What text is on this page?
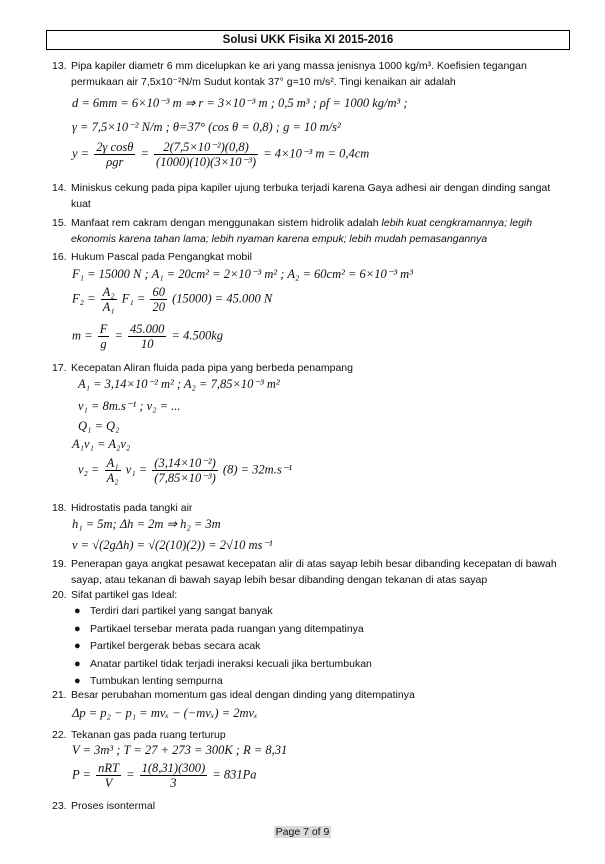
Solusi UKK Fisika XI 2015-2016
13. Pipa kapiler diametr 6 mm dicelupkan ke ari yang massa jenisnya 1000 kg/m³. Koefisien tegangan permukaan air 7,5x10⁻²N/m Sudut kontak 37° g=10 m/s². Tingi kenaikan air adalah
d = 6mm = 6×10⁻³ m ⇒ r = 3×10⁻³ m ; 0,5 m³ ; ρf = 1000 kg/m³ ;
γ = 7,5×10⁻² N/m ; θ=37° (cos θ = 0,8) ; g = 10 m/s²
$y = \frac{\text{2γ cosθ}}{\text{ρgr}} = \frac{\text{2(7,5×10⁻²)(0,8)}}{\text{(1000)(10)(3×10⁻³)}} = 4\times 10^{-3}$ m = 0,4cm
14. Miniskus cekung pada pipa kapiler ujung terbuka terjadi karena Gaya adhesi air dengan dinding sangat kuat
15. Manfaat rem cakram dengan menggunakan sistem hidrolik adalah lebih kuat cengkramannya; legih ekonomis karena tahan lama; lebih nyaman karena empuk; lebih mudah pemasangannya
16. Hukum Pascal pada Pengangkat mobil
F₁ = 15000 N ; A₁ = 20cm² = 2×10⁻³ m² ; A₂ = 60cm² = 6×10⁻³ m³
$F_2 = \frac{\text{A₂}}{\text{A₁}} F_1 = \frac{60}{20} (15000) = 45.000$ N
$m = \frac{F}{g} = \frac{45.000}{10} = 4.500kg$
17. Kecepatan Aliran fluida pada pipa yang berbeda penampang
A₁ = 3,14×10⁻² m² ; A₂ = 7,85×10⁻³ m²
v₁ = 8m.s⁻¹ ; v₂ = ...
Q₁ = Q₂
A₁v₁ = A₂v₂
$v_2 = \frac{\text{A₁}}{\text{A₂}} v_1 = \frac{\text{(3,14×10⁻²)}}{\text{(7,85×10⁻³)}} (8) = 32m.s^{-1}$
18. Hidrostatis pada tangki air
h₁ = 5m; Δh = 2m ⇒ h₂ = 3m
v = √(2gΔh) = √(2(10)(2)) = 2√10 ms⁻¹
19. Penerapan gaya angkat pesawat kecepatan alir di atas sayap lebih besar dibanding kecepatan di bawah sayap, atau tekanan di bawah sayap lebih besar dibanding dengan tekanan di atas sayap
20. Sifat partikel gas Ideal:
● Terdiri dari partikel yang sangat banyak
● Partikael tersebar merata pada ruangan yang ditempatinya
● Partikel bergerak bebas secara acak
● Anatar partikel tidak terjadi ineraksi kecuali jika bertumbukan
● Tumbukan lenting sempurna
21. Besar perubahan momentum gas ideal dengan dinding yang ditempatinya
Δp = p₂ − p₁ = mvₓ − (−mvₓ) = 2mvₓ
22. Tekanan gas pada ruang terturup
V = 3m³ ; T = 27 + 273 = 300K ; R = 8,31
$P = \frac{\text{nRT}}{V} = \frac{1(8,31)(300)}{3} = 831Pa$
23. Proses isontermal
Page 7 of 9
